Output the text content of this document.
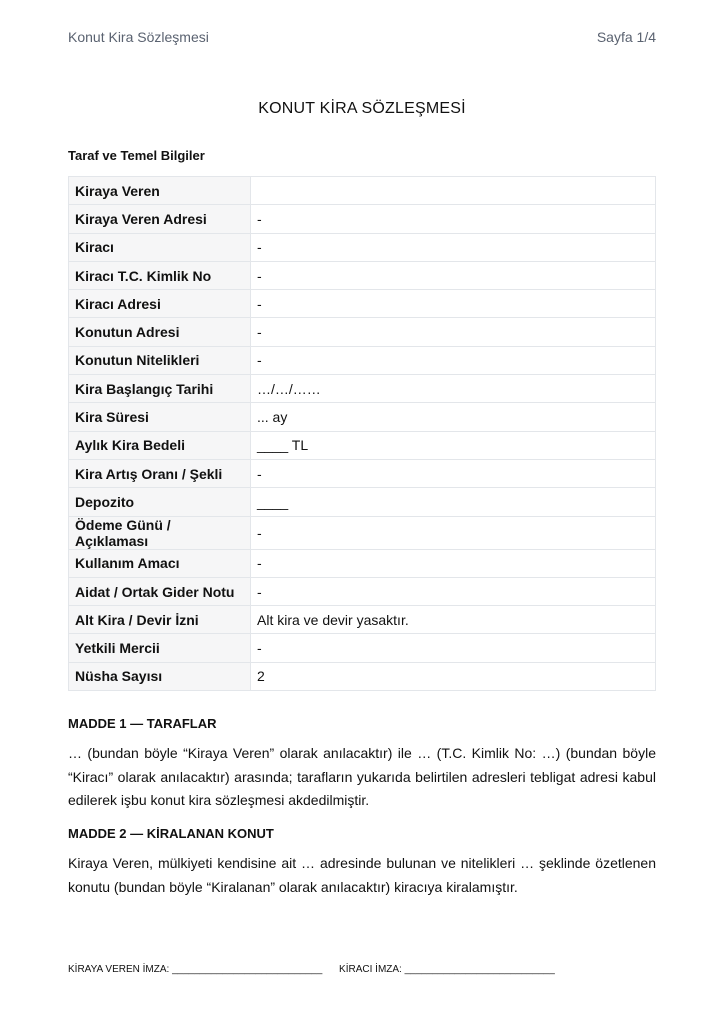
Konut Kira Sözleşmesi	Sayfa 1/4
KONUT KİRA SÖZLEŞMESİ
Taraf ve Temel Bilgiler
Kiraya Veren	
Kiraya Veren Adresi	-
Kiracı	-
Kiracı T.C. Kimlik No	-
Kiracı Adresi	-
Konutun Adresi	-
Konutun Nitelikleri	-
Kira Başlangıç Tarihi	…/…/……
Kira Süresi	... ay
Aylık Kira Bedeli	____ TL
Kira Artış Oranı / Şekli	-
Depozito	____
Ödeme Günü / Açıklaması	-
Kullanım Amacı	-
Aidat / Ortak Gider Notu	-
Alt Kira / Devir İzni	Alt kira ve devir yasaktır.
Yetkili Mercii	-
Nüsha Sayısı	2
MADDE 1 — TARAFLAR
… (bundan böyle “Kiraya Veren” olarak anılacaktır) ile … (T.C. Kimlik No: …) (bundan böyle “Kiracı” olarak anılacaktır) arasında; tarafların yukarıda belirtilen adresleri tebligat adresi kabul edilerek işbu konut kira sözleşmesi akdedilmiştir.
MADDE 2 — KİRALANAN KONUT
Kiraya Veren, mülkiyeti kendisine ait … adresinde bulunan ve nitelikleri … şeklinde özetlenen konutu (bundan böyle “Kiralanan” olarak anılacaktır) kiracıya kiralamıştır.
KİRAYA VEREN İMZA: ___________________________ KİRACI İMZA: ___________________________
